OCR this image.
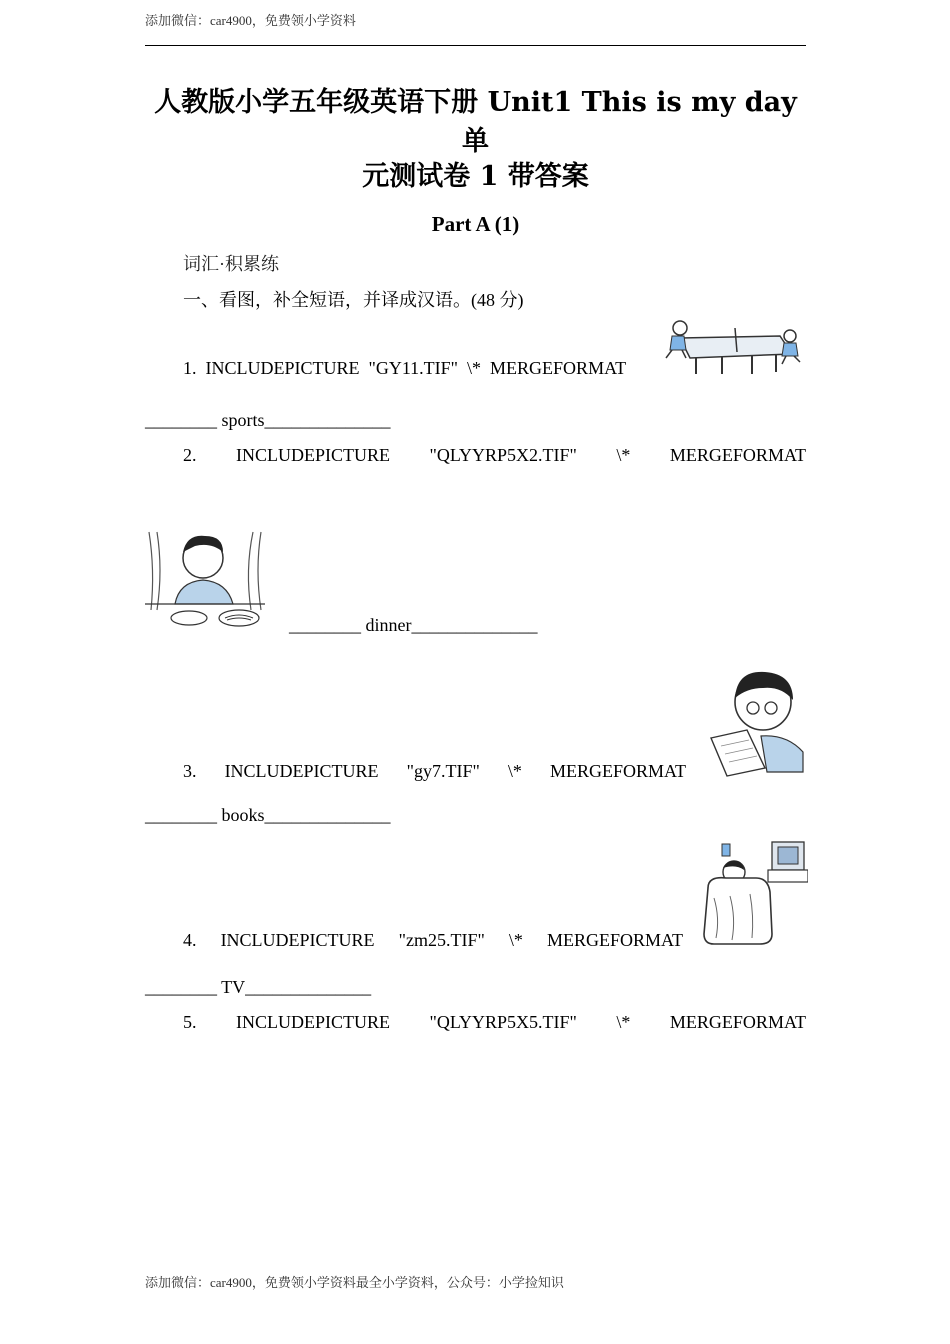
添加微信：car4900，免费领小学资料
人教版小学五年级英语下册 Unit1 This is my day 单
元测试卷 1 带答案
Part A (1)
词汇·积累练
一、看图，补全短语，并译成汉语。(48 分)
1. INCLUDEPICTURE "GY11.TIF" \* MERGEFORMAT
________ sports______________
2. INCLUDEPICTURE "QLYYRP5X2.TIF" \* MERGEFORMAT
________ dinner______________
3. INCLUDEPICTURE "gy7.TIF" \* MERGEFORMAT
________ books______________
4. INCLUDEPICTURE "zm25.TIF" \* MERGEFORMAT
________ TV______________
5. INCLUDEPICTURE "QLYYRP5X5.TIF" \* MERGEFORMAT
添加微信：car4900，免费领小学资料最全小学资料，公众号：小学捡知识
